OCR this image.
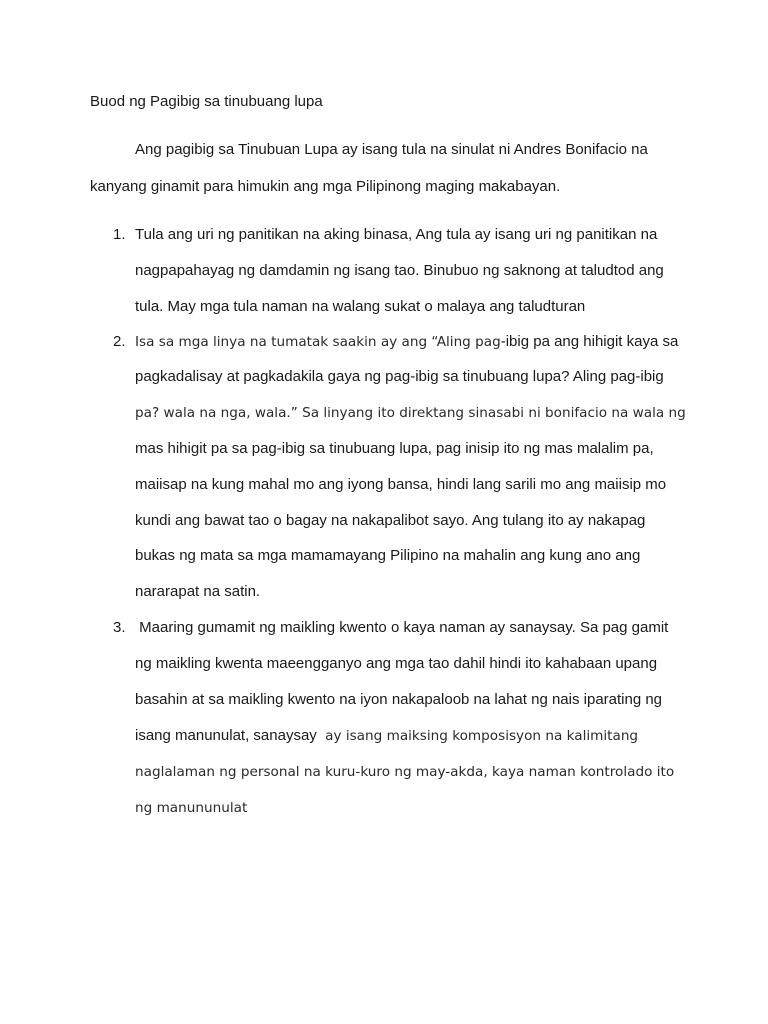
Buod ng Pagibig sa tinubuang lupa
Ang pagibig sa Tinubuan Lupa ay isang tula na sinulat ni Andres Bonifacio na
kanyang ginamit para himukin ang mga Pilipinong maging makabayan.
1. Tula ang uri ng panitikan na aking binasa, Ang tula ay isang uri ng panitikan na
nagpapahayag ng damdamin ng isang tao. Binubuo ng saknong at taludtod ang
tula. May mga tula naman na walang sukat o malaya ang taludturan
2. Isa sa mga linya na tumatak saakin ay ang “Aling pag-ibig pa ang hihigit kaya sa
pagkadalisay at pagkadakila gaya ng pag-ibig sa tinubuang lupa? Aling pag-ibig
pa? wala na nga, wala.” Sa linyang ito direktang sinasabi ni bonifacio na wala ng
mas hihigit pa sa pag-ibig sa tinubuang lupa, pag inisip ito ng mas malalim pa,
maiisap na kung mahal mo ang iyong bansa, hindi lang sarili mo ang maiisip mo
kundi ang bawat tao o bagay na nakapalibot sayo. Ang tulang ito ay nakapag
bukas ng mata sa mga mamamayang Pilipino na mahalin ang kung ano ang
nararapat na satin.
3. Maaring gumamit ng maikling kwento o kaya naman ay sanaysay. Sa pag gamit
ng maikling kwenta maeengganyo ang mga tao dahil hindi ito kahabaan upang
basahin at sa maikling kwento na iyon nakapaloob na lahat ng nais iparating ng
isang manunulat, sanaysay  ay isang maiksing komposisyon na kalimitang
naglalaman ng personal na kuru-kuro ng may-akda, kaya naman kontrolado ito
ng manununulat
